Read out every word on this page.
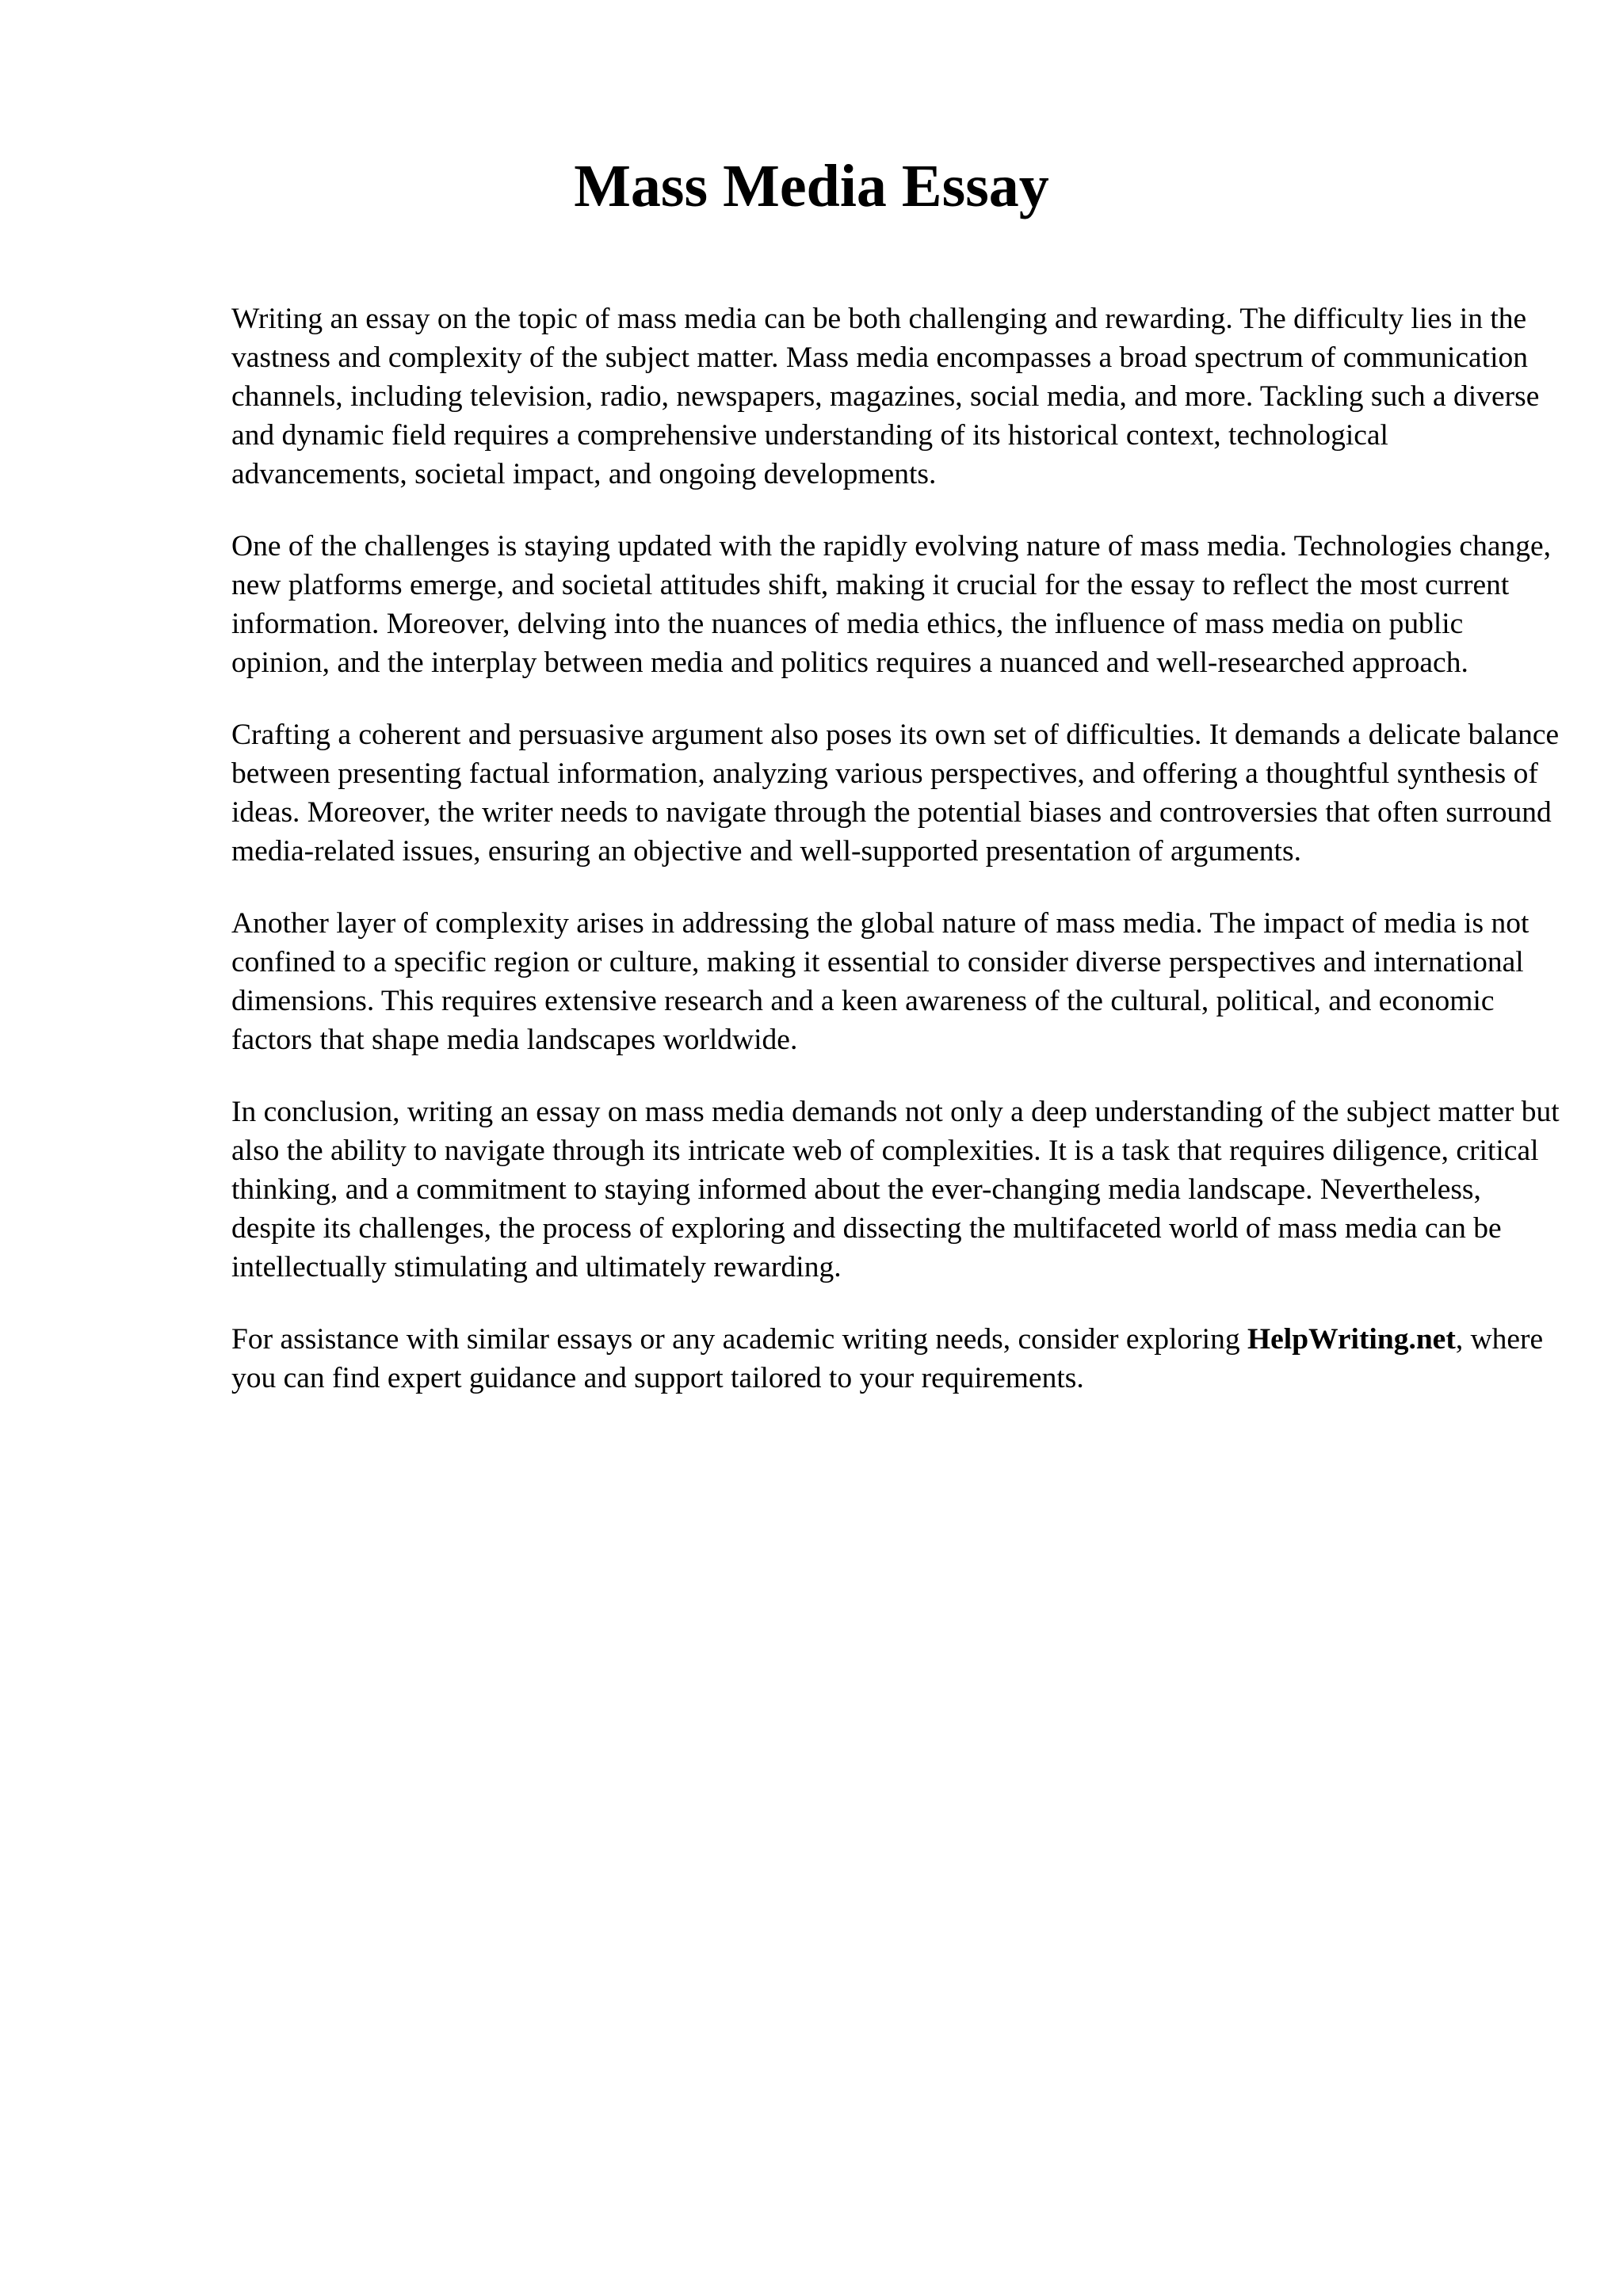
Mass Media Essay

Writing an essay on the topic of mass media can be both challenging and rewarding. The difficulty lies in the vastness and complexity of the subject matter. Mass media encompasses a broad spectrum of communication channels, including television, radio, newspapers, magazines, social media, and more. Tackling such a diverse and dynamic field requires a comprehensive understanding of its historical context, technological advancements, societal impact, and ongoing developments.

One of the challenges is staying updated with the rapidly evolving nature of mass media. Technologies change, new platforms emerge, and societal attitudes shift, making it crucial for the essay to reflect the most current information. Moreover, delving into the nuances of media ethics, the influence of mass media on public opinion, and the interplay between media and politics requires a nuanced and well-researched approach.

Crafting a coherent and persuasive argument also poses its own set of difficulties. It demands a delicate balance between presenting factual information, analyzing various perspectives, and offering a thoughtful synthesis of ideas. Moreover, the writer needs to navigate through the potential biases and controversies that often surround media-related issues, ensuring an objective and well-supported presentation of arguments.

Another layer of complexity arises in addressing the global nature of mass media. The impact of media is not confined to a specific region or culture, making it essential to consider diverse perspectives and international dimensions. This requires extensive research and a keen awareness of the cultural, political, and economic factors that shape media landscapes worldwide.

In conclusion, writing an essay on mass media demands not only a deep understanding of the subject matter but also the ability to navigate through its intricate web of complexities. It is a task that requires diligence, critical thinking, and a commitment to staying informed about the ever-changing media landscape. Nevertheless, despite its challenges, the process of exploring and dissecting the multifaceted world of mass media can be intellectually stimulating and ultimately rewarding.

For assistance with similar essays or any academic writing needs, consider exploring HelpWriting.net, where you can find expert guidance and support tailored to your requirements.
